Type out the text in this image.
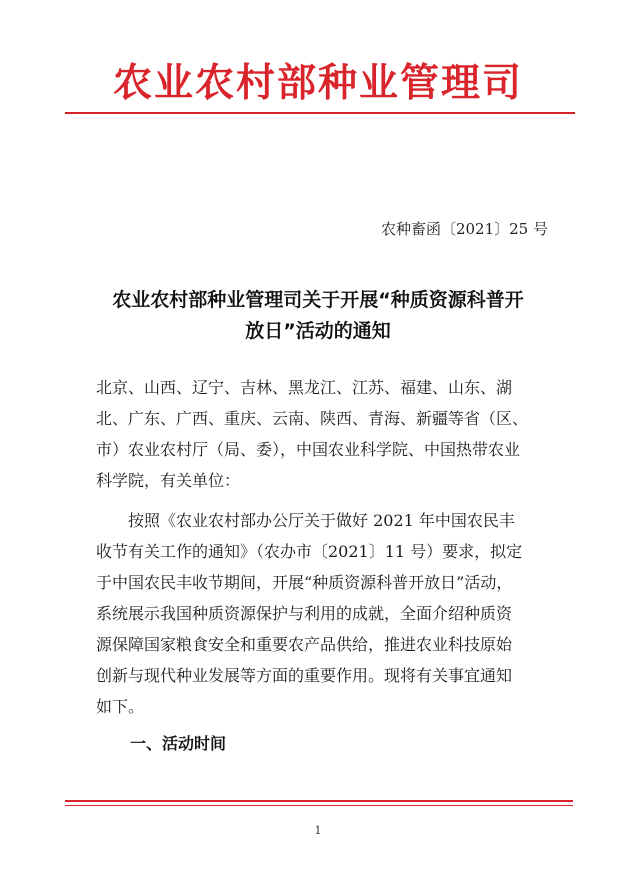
农业农村部种业管理司
农种畜函〔2021〕25 号
农业农村部种业管理司关于开展“种质资源科普开
放日”活动的通知
北京、山西、辽宁、吉林、黑龙江、江苏、福建、山东、湖
北、广东、广西、重庆、云南、陕西、青海、新疆等省（区、
市）农业农村厅（局、委），中国农业科学院、中国热带农业
科学院，有关单位：
　　按照《农业农村部办公厅关于做好 2021 年中国农民丰
收节有关工作的通知》（农办市〔2021〕11 号）要求，拟定
于中国农民丰收节期间，开展“种质资源科普开放日”活动，
系统展示我国种质资源保护与利用的成就，全面介绍种质资
源保障国家粮食安全和重要农产品供给，推进农业科技原始
创新与现代种业发展等方面的重要作用。现将有关事宜通知
如下。
一、活动时间
1
